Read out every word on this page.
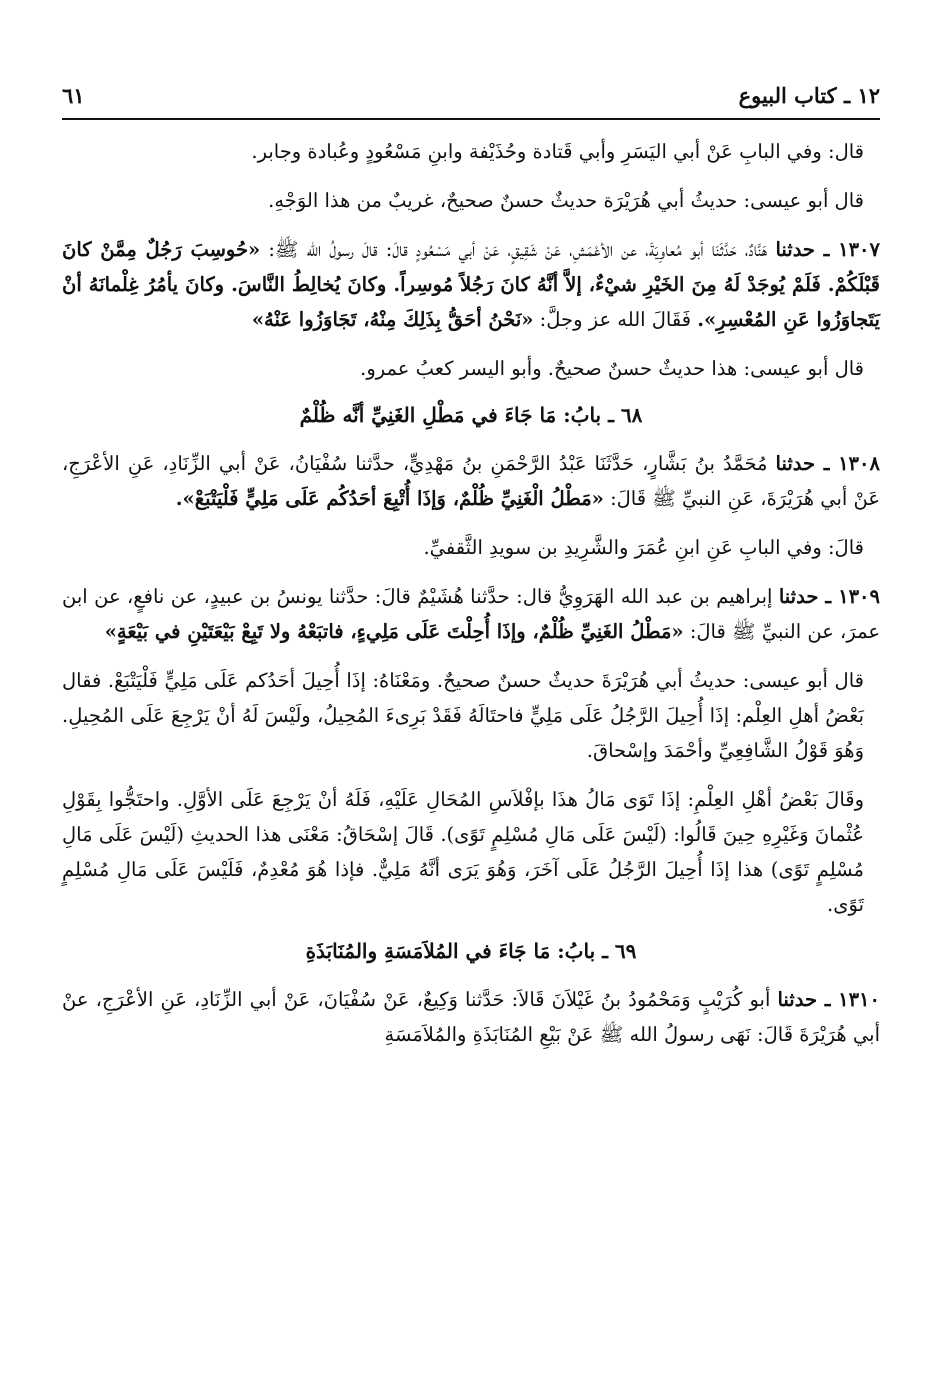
١٢ ـ كتاب البيوع
٦١

قال: وفي البابِ عَنْ أبي اليَسَرِ وأبي قَتادة وحُذَيْفة وابنِ مَسْعُودٍ وعُبادة وجابر.

قال أبو عيسى: حديثُ أبي هُرَيْرَة حديثٌ حسنٌ صحيحٌ، غريبٌ من هذا الوَجْهِ.

١٣٠٧ ـ حدثنا هَنَّادٌ، حَدَّثَنَا أبو مُعاوِيَةَ، عن الأعْمَشِ، عَنْ شَقِيقٍ، عَنْ أبي مَسْعُودٍ قالَ: قالَ رسولُ الله ﷺ: «حُوسِبَ رَجُلٌ مِمَّنْ كانَ قَبْلَكُمْ. فَلَمْ يُوجَدْ لَهُ مِنَ الخَيْرِ شيْءٌ، إلاَّ أنَّهُ كانَ رَجُلاً مُوسِراً. وكانَ يُخالِطُ النَّاسَ. وكانَ يأمُرُ غِلْمانَهُ أنْ يَتَجاوَزُوا عَنِ المُعْسِرِ». فَقَالَ الله عز وجلَّ: «نَحْنُ أحَقُّ بِذَلِكَ مِنْهُ، تَجَاوَزُوا عَنْهُ»

قال أبو عيسى: هذا حديثٌ حسنٌ صحيحٌ. وأبو اليسر كعبُ عمرو.

٦٨ ـ بابُ: مَا جَاءَ في مَطْلِ الغَنِيِّ أنَّه ظُلْمٌ

١٣٠٨ ـ حدثنا مُحَمَّدُ بنُ بَشَّارٍ، حَدَّثَنَا عَبْدُ الرَّحْمَنِ بنُ مَهْدِيٍّ، حدَّثنا سُفْيَانُ، عَنْ أبي الزِّنَادِ، عَنِ الأعْرَجِ، عَنْ أبي هُرَيْرَةَ، عَنِ النبيِّ ﷺ قَالَ: «مَطْلُ الْغَنِيِّ ظُلْمٌ، وَإذَا أُتْبِعَ أحَدُكُم عَلَى مَلِيٍّ فَلْيَتْبَعْ».

قالَ: وفي البابِ عَنِ ابنِ عُمَرَ والشَّرِيدِ بن سويدِ الثَّقفيِّ.

١٣٠٩ ـ حدثنا إبراهيم بن عبد الله الهَرَوِيُّ قال: حدَّثنا هُشَيْمٌ قالَ: حدَّثنا يونسُ بن عبيدٍ، عن نافعٍ، عن ابن عمرَ، عن النبيِّ ﷺ قالَ: «مَطْلُ الغَنِيِّ ظُلْمٌ، وإذَا أُحِلْتَ عَلَى مَلِيءٍ، فاتبَعْهُ ولا تَبِعْ بَيْعَتَيْنِ في بَيْعَةٍ»

قال أبو عيسى: حديثُ أبي هُرَيْرَةَ حديثٌ حسنٌ صحيحٌ. ومَعْنَاهُ: إذَا أُحِيلَ أحَدُكم عَلَى مَلِيٍّ فَلْيَتْبَعْ. فقال بَعْضُ أهلِ العِلْم: إذَا أُحِيلَ الرَّجُلُ عَلَى مَلِيٍّ فاحتَالَهُ فَقَدْ بَرِىءَ المُحِيلُ، ولَيْسَ لَهُ أنْ يَرْجِعَ عَلَى المُحِيلِ. وَهُوَ قَوْلُ الشَّافِعِيِّ وأحْمَدَ وإسْحاقَ.

وقَالَ بَعْضُ أهْلِ العِلْمِ: إذَا تَوَى مَالُ هذَا بإفْلاَسِ المُحَالِ عَلَيْهِ، فَلَهُ أنْ يَرْجِعَ عَلَى الأوَّلِ. واحتَجُّوا بِقَوْلِ عُثْمانَ وَغَيْرِهِ حِينَ قَالُوا: (لَيْسَ عَلَى مَالِ مُسْلِمٍ تَوًى). قَالَ إسْحَاقُ: مَعْنَى هذا الحديثِ (لَيْسَ عَلَى مَالِ مُسْلِمٍ تَوًى) هذا إذَا أُحِيلَ الرَّجُلُ عَلَى آخَرَ، وَهُوَ يَرَى أنَّهُ مَلِيٌّ. فإذا هُوَ مُعْدِمٌ، فَلَيْسَ عَلَى مَالِ مُسْلِمٍ تَوًى.

٦٩ ـ بابُ: مَا جَاءَ في المُلاَمَسَةِ والمُنَابَذَةِ

١٣١٠ ـ حدثنا أبو كُرَيْبٍ وَمَحْمُودُ بنُ غَيْلاَنَ قَالاَ: حَدَّثنا وَكِيعٌ، عَنْ سُفْيَانَ، عَنْ أبي الزِّنَادِ، عَنِ الأعْرَجِ، عنْ أبي هُرَيْرَةَ قَالَ: نَهَى رسولُ الله ﷺ عَنْ بَيْعِ المُنَابَذَةِ والمُلاَمَسَةِ
